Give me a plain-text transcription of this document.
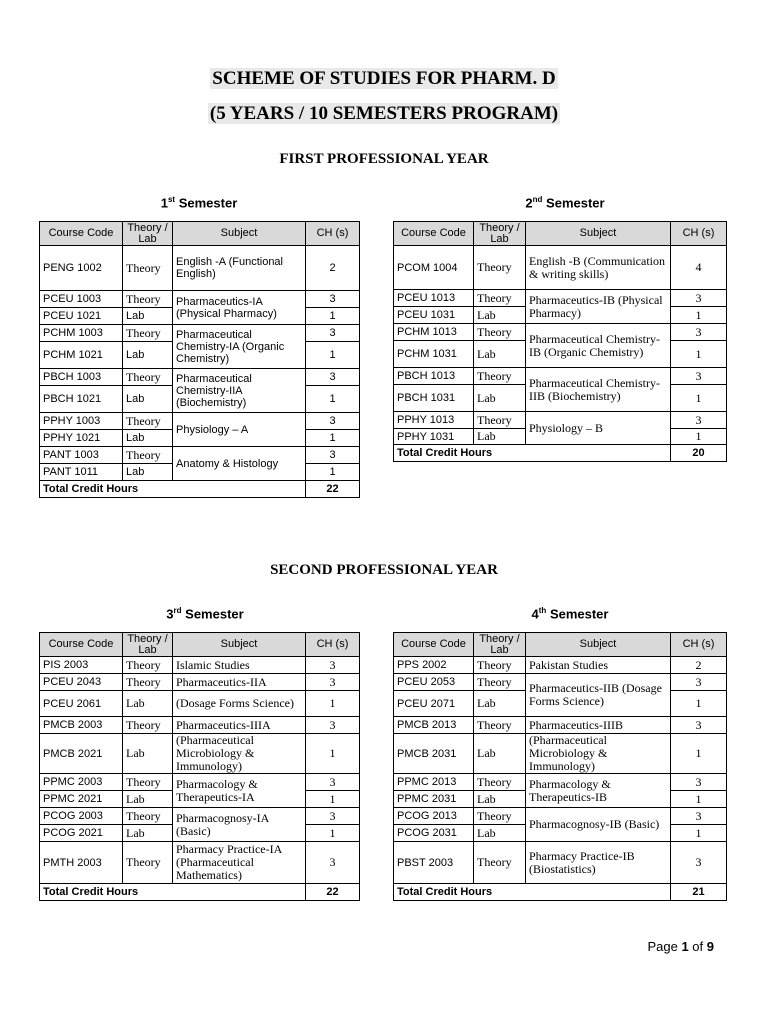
SCHEME OF STUDIES FOR PHARM. D
(5 YEARS / 10 SEMESTERS PROGRAM)
FIRST PROFESSIONAL YEAR
1st Semester	2nd Semester
Course Code	Theory / Lab	Subject	CH (s)
PENG 1002	Theory	English -A (Functional English)	2
PCEU 1003	Theory	Pharmaceutics-IA (Physical Pharmacy)	3
PCEU 1021	Lab		1
PCHM 1003	Theory	Pharmaceutical Chemistry-IA (Organic Chemistry)	3
PCHM 1021	Lab		1
PBCH 1003	Theory	Pharmaceutical Chemistry-IIA (Biochemistry)	3
PBCH 1021	Lab		1
PPHY 1003	Theory	Physiology – A	3
PPHY 1021	Lab		1
PANT 1003	Theory	Anatomy & Histology	3
PANT 1011	Lab		1
Total Credit Hours			22
Course Code	Theory / Lab	Subject	CH (s)
PCOM 1004	Theory	English -B (Communication & writing skills)	4
PCEU 1013	Theory	Pharmaceutics-IB (Physical Pharmacy)	3
PCEU 1031	Lab		1
PCHM 1013	Theory	Pharmaceutical Chemistry-IB (Organic Chemistry)	3
PCHM 1031	Lab		1
PBCH 1013	Theory	Pharmaceutical Chemistry-IIB (Biochemistry)	3
PBCH 1031	Lab		1
PPHY 1013	Theory	Physiology – B	3
PPHY 1031	Lab		1
Total Credit Hours			20
SECOND PROFESSIONAL YEAR
3rd Semester	4th Semester
Course Code	Theory / Lab	Subject	CH (s)
PIS 2003	Theory	Islamic Studies	3
PCEU 2043	Theory	Pharmaceutics-IIA	3
PCEU 2061	Lab	(Dosage Forms Science)	1
PMCB 2003	Theory	Pharmaceutics-IIIA	3
PMCB 2021	Lab	(Pharmaceutical Microbiology & Immunology)	1
PPMC 2003	Theory	Pharmacology & Therapeutics-IA	3
PPMC 2021	Lab		1
PCOG 2003	Theory	Pharmacognosy-IA (Basic)	3
PCOG 2021	Lab		1
PMTH 2003	Theory	Pharmacy Practice-IA (Pharmaceutical Mathematics)	3
Total Credit Hours			22
Course Code	Theory / Lab	Subject	CH (s)
PPS 2002	Theory	Pakistan Studies	2
PCEU 2053	Theory	Pharmaceutics-IIB (Dosage Forms Science)	3
PCEU 2071	Lab		1
PMCB 2013	Theory	Pharmaceutics-IIIB	3
PMCB 2031	Lab	(Pharmaceutical Microbiology & Immunology)	1
PPMC 2013	Theory	Pharmacology & Therapeutics-IB	3
PPMC 2031	Lab		1
PCOG 2013	Theory	Pharmacognosy-IB (Basic)	3
PCOG 2031	Lab		1
PBST 2003	Theory	Pharmacy Practice-IB (Biostatistics)	3
Total Credit Hours			21
Page 1 of 9
